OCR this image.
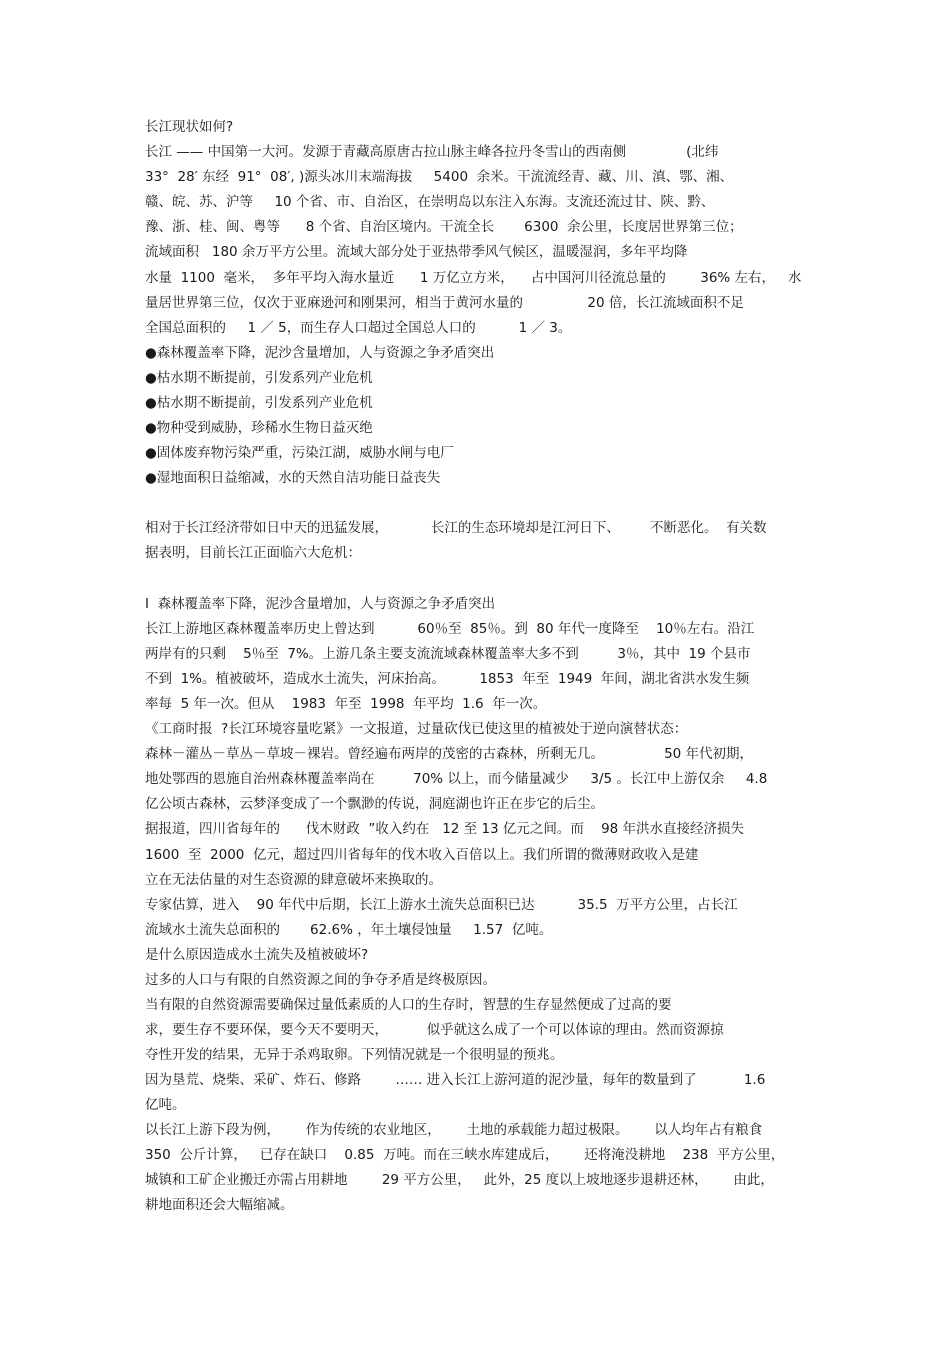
长江现状如何?
长江 —— 中国第一大河。发源于青藏高原唐古拉山脉主峰各拉丹冬雪山的西南侧              (北纬
33°  28′ 东经  91°  08′, )源头冰川末端海拔     5400  余米。干流流经青、藏、川、滇、鄂、湘、
赣、皖、苏、沪等     10 个省、市、自治区，在崇明岛以东注入东海。支流还流过甘、陕、黔、
豫、浙、桂、闽、粤等      8 个省、自治区境内。干流全长       6300  余公里，长度居世界第三位；
流域面积   180 余万平方公里。流域大部分处于亚热带季风气候区，温暖湿润，多年平均降
水量  1100  毫米，  多年平均入海水量近      1 万亿立方米，    占中国河川径流总量的        36% 左右，   水
量居世界第三位，仅次于亚麻逊河和刚果河，相当于黄河水量的               20 倍，长江流域面积不足
全国总面积的     1 ／ 5，而生存人口超过全国总人口的          1 ／ 3。
●森林覆盖率下降，泥沙含量增加，人与资源之争矛盾突出
●枯水期不断提前，引发系列产业危机
●枯水期不断提前，引发系列产业危机
●物种受到威胁，珍稀水生物日益灭绝
●固体废弃物污染严重，污染江湖，威胁水闸与电厂
●湿地面积日益缩减，水的天然自洁功能日益丧失
相对于长江经济带如日中天的迅猛发展，          长江的生态环境却是江河日下、       不断恶化。  有关数
据表明，目前长江正面临六大危机：
Ⅰ  森林覆盖率下降，泥沙含量增加，人与资源之争矛盾突出
长江上游地区森林覆盖率历史上曾达到          60％至  85％。到  80 年代一度降至    10％左右。沿江
两岸有的只剩    5％至  7%。上游几条主要支流流域森林覆盖率大多不到         3％，其中  19 个县市
不到  1%。植被破坏，造成水土流失，河床抬高。        1853  年至  1949  年间，湖北省洪水发生频
率每  5 年一次。但从    1983  年至  1998  年平均  1.6  年一次。
《工商时报  ?长江环境容量吃紧》一文报道，过量砍伐已使这里的植被处于逆向演替状态：
森林－灌丛－草丛－草坡－裸岩。曾经遍布两岸的茂密的古森林，所剩无几。              50 年代初期，
地处鄂西的恩施自治州森林覆盖率尚在         70% 以上，而今储量减少     3/5 。长江中上游仅余     4.8
亿公顷古森林，云梦泽变成了一个飘渺的传说，洞庭湖也许正在步它的后尘。
据报道，四川省每年的      伐木财政  ”收入约在   12 至 13 亿元之间。而    98 年洪水直接经济损失
1600  至  2000  亿元，超过四川省每年的伐木收入百倍以上。我们所谓的微薄财政收入是建
立在无法估量的对生态资源的肆意破坏来换取的。
专家估算，进入    90 年代中后期，长江上游水土流失总面积已达          35.5  万平方公里，占长江
流域水土流失总面积的       62.6% ，年土壤侵蚀量     1.57  亿吨。
是什么原因造成水土流失及植被破坏?
过多的人口与有限的自然资源之间的争夺矛盾是终极原因。
当有限的自然资源需要确保过量低素质的人口的生存时，智慧的生存显然便成了过高的要
求，要生存不要环保，要今天不要明天，         似乎就这么成了一个可以体谅的理由。然而资源掠
夺性开发的结果，无异于杀鸡取卵。下列情况就是一个很明显的预兆。
因为垦荒、烧柴、采矿、炸石、修路        …… 进入长江上游河道的泥沙量，每年的数量到了           1.6
亿吨。
以长江上游下段为例，      作为传统的农业地区，      土地的承载能力超过极限。      以人均年占有粮食
350  公斤计算，   已存在缺口    0.85  万吨。而在三峡水库建成后，      还将淹没耕地    238  平方公里，
城镇和工矿企业搬迁亦需占用耕地        29 平方公里，   此外，25 度以上坡地逐步退耕还林，      由此，
耕地面积还会大幅缩减。
